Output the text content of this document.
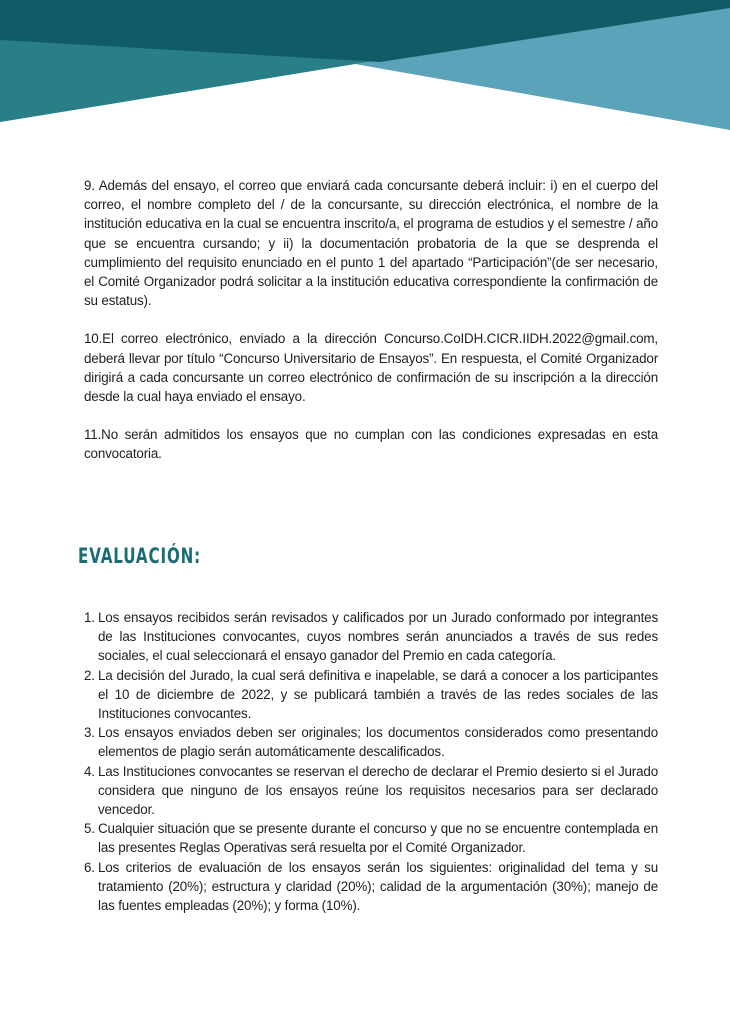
9. Además del ensayo, el correo que enviará cada concursante deberá incluir: i) en el cuerpo del correo, el nombre completo del / de la concursante, su dirección electrónica, el nombre de la institución educativa en la cual se encuentra inscrito/a, el programa de estudios y el semestre / año que se encuentra cursando; y ii) la documentación probatoria de la que se desprenda el cumplimiento del requisito enunciado en el punto 1 del apartado “Participación”(de ser necesario, el Comité Organizador podrá solicitar a la institución educativa correspondiente la confirmación de su estatus).

10.El correo electrónico, enviado a la dirección Concurso.CoIDH.CICR.IIDH.2022@gmail.com, deberá llevar por título “Concurso Universitario de Ensayos”. En respuesta, el Comité Organizador dirigirá a cada concursante un correo electrónico de confirmación de su inscripción a la dirección desde la cual haya enviado el ensayo.

11.No serán admitidos los ensayos que no cumplan con las condiciones expresadas en esta convocatoria.

EVALUACIÓN:
1. Los ensayos recibidos serán revisados y calificados por un Jurado conformado por integrantes de las Instituciones convocantes, cuyos nombres serán anunciados a través de sus redes sociales, el cual seleccionará el ensayo ganador del Premio en cada categoría.
2. La decisión del Jurado, la cual será definitiva e inapelable, se dará a conocer a los participantes el 10 de diciembre de 2022, y se publicará también a través de las redes sociales de las Instituciones convocantes.
3. Los ensayos enviados deben ser originales; los documentos considerados como presentando elementos de plagio serán automáticamente descalificados.
4. Las Instituciones convocantes se reservan el derecho de declarar el Premio desierto si el Jurado considera que ninguno de los ensayos reúne los requisitos necesarios para ser declarado vencedor.
5. Cualquier situación que se presente durante el concurso y que no se encuentre contemplada en las presentes Reglas Operativas será resuelta por el Comité Organizador.
6. Los criterios de evaluación de los ensayos serán los siguientes: originalidad del tema y su tratamiento (20%); estructura y claridad (20%); calidad de la argumentación (30%); manejo de las fuentes empleadas (20%); y forma (10%).
